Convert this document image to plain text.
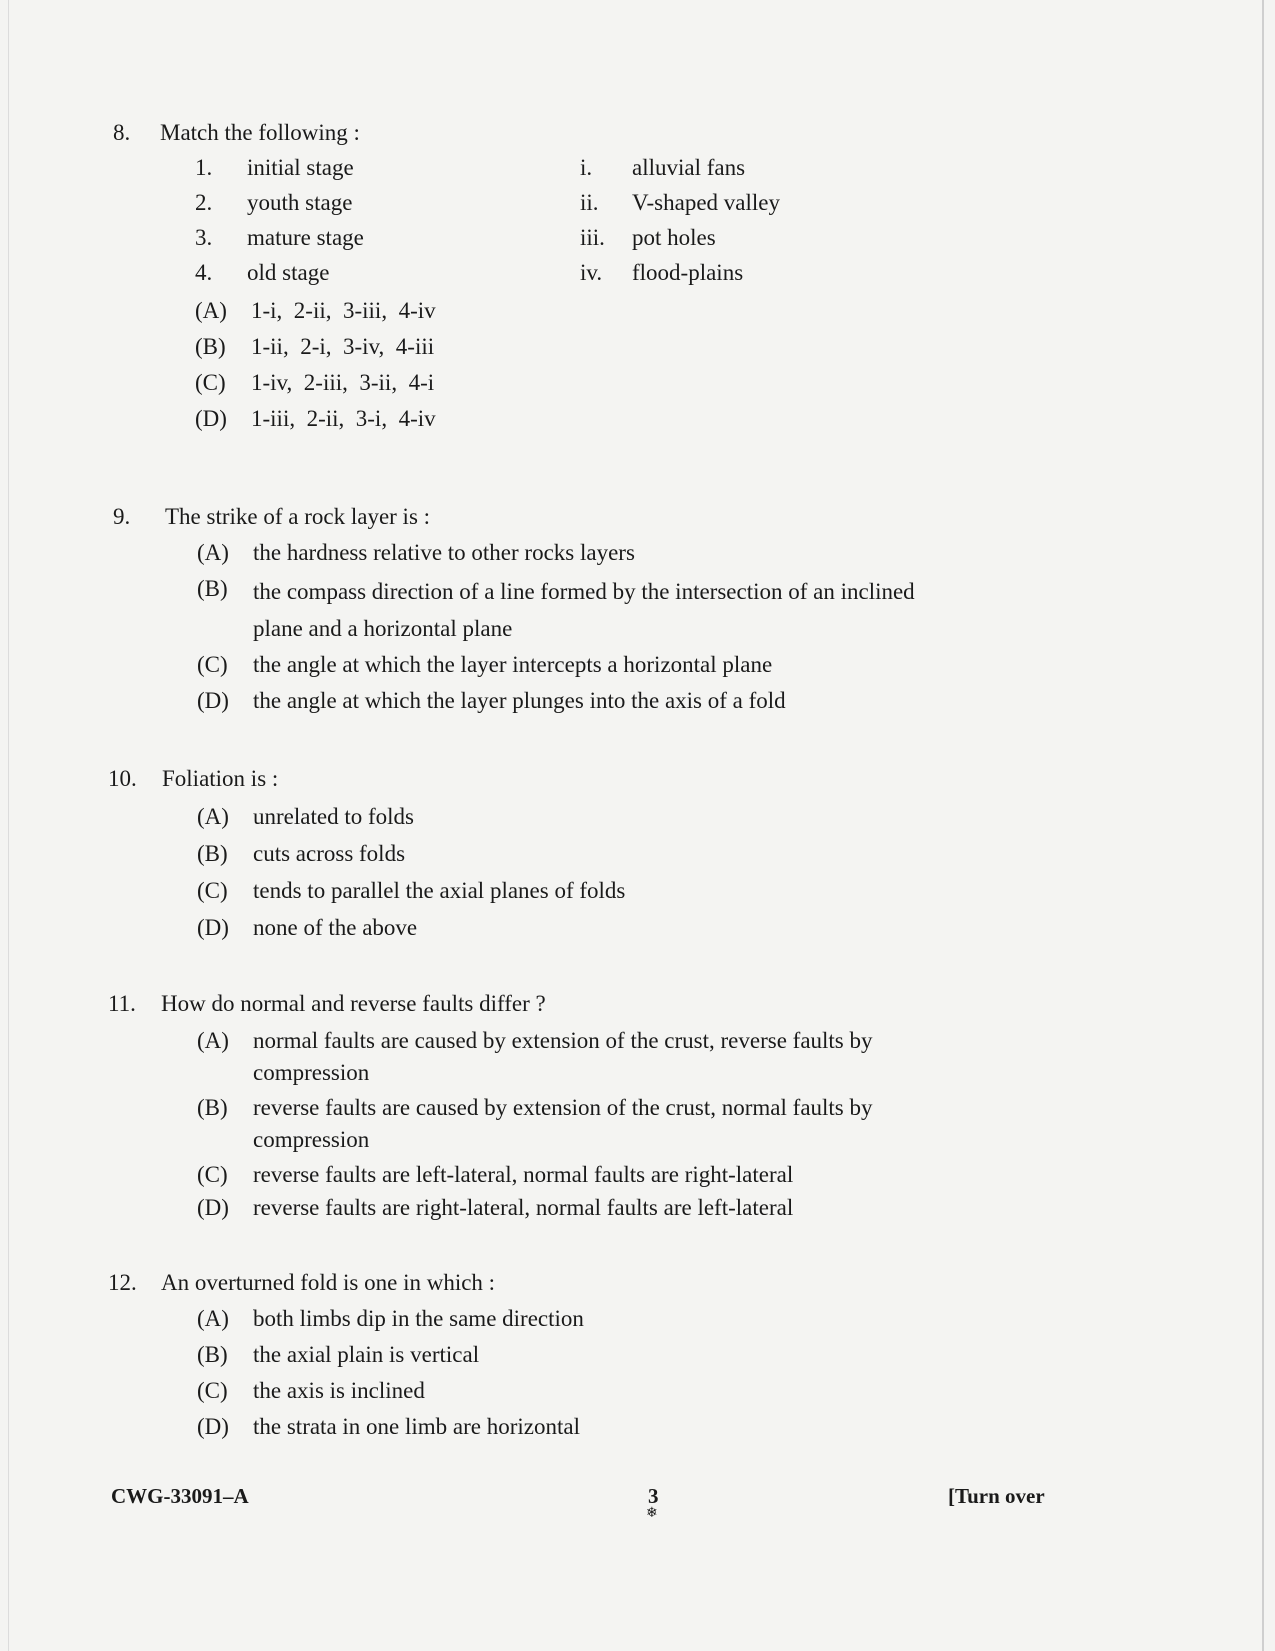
8. Match the following :
1. initial stage	i. alluvial fans
2. youth stage	ii. V-shaped valley
3. mature stage	iii. pot holes
4. old stage	iv. flood-plains
(A) 1-i,  2-ii,  3-iii,  4-iv
(B) 1-ii,  2-i,  3-iv,  4-iii
(C) 1-iv,  2-iii,  3-ii,  4-i
(D) 1-iii,  2-ii,  3-i,  4-iv
9. The strike of a rock layer is :
(A) the hardness relative to other rocks layers
(B) the compass direction of a line formed by the intersection of an inclined plane and a horizontal plane
(C) the angle at which the layer intercepts a horizontal plane
(D) the angle at which the layer plunges into the axis of a fold
10. Foliation is :
(A) unrelated to folds
(B) cuts across folds
(C) tends to parallel the axial planes of folds
(D) none of the above
11. How do normal and reverse faults differ ?
(A) normal faults are caused by extension of the crust, reverse faults by compression
(B) reverse faults are caused by extension of the crust, normal faults by compression
(C) reverse faults are left-lateral, normal faults are right-lateral
(D) reverse faults are right-lateral, normal faults are left-lateral
12. An overturned fold is one in which :
(A) both limbs dip in the same direction
(B) the axial plain is vertical
(C) the axis is inclined
(D) the strata in one limb are horizontal
CWG-33091–A	3
❄
[Turn over
